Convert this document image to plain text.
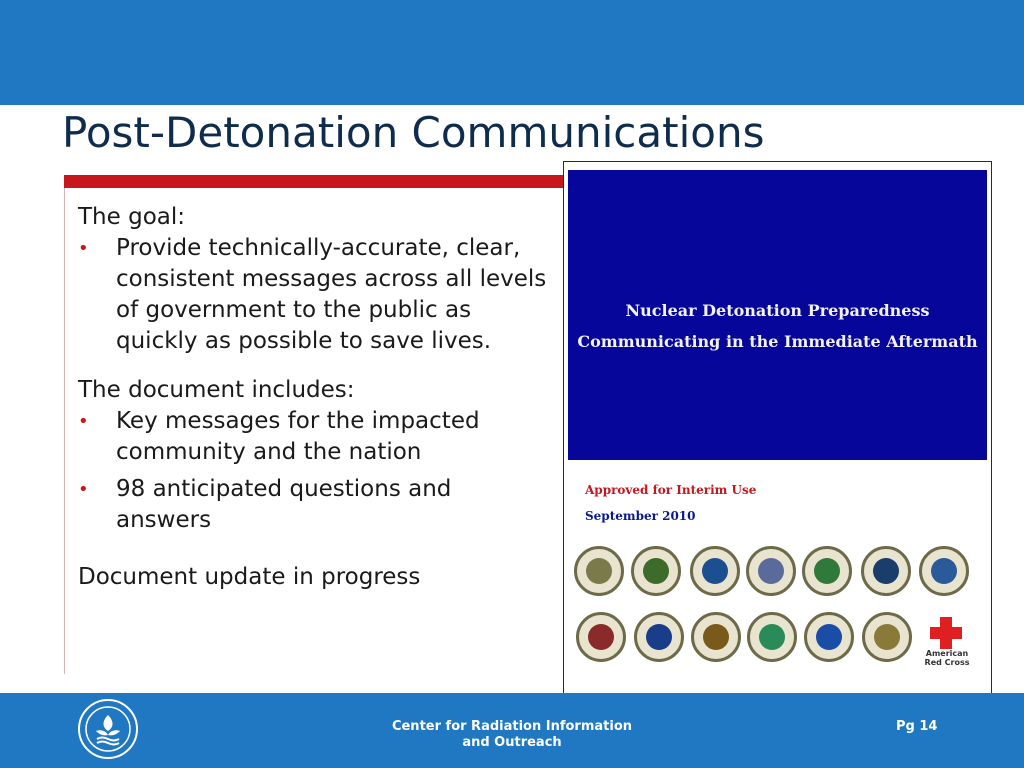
Post-Detonation Communications

The goal:

• Provide technically-accurate, clear, consistent messages across all levels of government to the public as quickly as possible to save lives.

The document includes:

• Key messages for the impacted community and the nation
• 98 anticipated questions and answers

Document update in progress

Nuclear Detonation Preparedness
Communicating in the Immediate Aftermath
Approved for Interim Use
September 2010
American Red Cross
Center for Radiation Information
and Outreach
Pg 14
